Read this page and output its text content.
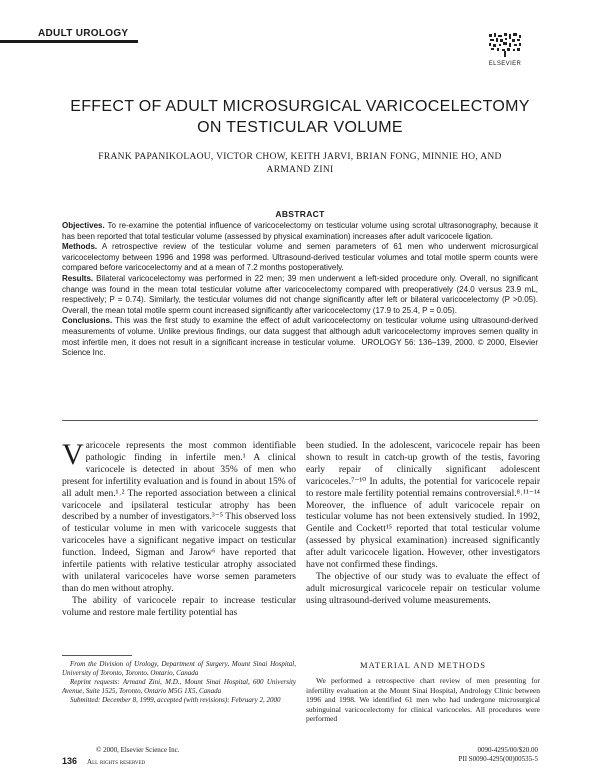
ADULT UROLOGY
ELSEVIER
EFFECT OF ADULT MICROSURGICAL VARICOCELECTOMY
ON TESTICULAR VOLUME
FRANK PAPANIKOLAOU, VICTOR CHOW, KEITH JARVI, BRIAN FONG, MINNIE HO, AND
ARMAND ZINI
ABSTRACT

Objectives. To re-examine the potential influence of varicocelectomy on testicular volume using scrotal ultrasonography, because it has been reported that total testicular volume (assessed by physical examination) increases after adult varicocele ligation.

Methods. A retrospective review of the testicular volume and semen parameters of 61 men who underwent microsurgical varicocelectomy between 1996 and 1998 was performed. Ultrasound-derived testicular volumes and total motile sperm counts were compared before varicocelectomy and at a mean of 7.2 months postoperatively.

Results. Bilateral varicocelectomy was performed in 22 men; 39 men underwent a left-sided procedure only. Overall, no significant change was found in the mean total testicular volume after varicocelectomy compared with preoperatively (24.0 versus 23.9 mL, respectively; P = 0.74). Similarly, the testicular volumes did not change significantly after left or bilateral varicocelectomy (P >0.05). Overall, the mean total motile sperm count increased significantly after varicocelectomy (17.9 to 25.4, P = 0.05).

Conclusions. This was the first study to examine the effect of adult varicocelectomy on testicular volume using ultrasound-derived measurements of volume. Unlike previous findings, our data suggest that although adult varicocelectomy improves semen quality in most infertile men, it does not result in a significant increase in testicular volume. UROLOGY 56: 136–139, 2000. © 2000, Elsevier Science Inc.

Varicocele represents the most common identifiable pathologic finding in infertile men.¹ A clinical varicocele is detected in about 35% of men who present for infertility evaluation and is found in about 15% of all adult men.¹˒² The reported association between a clinical varicocele and ipsilateral testicular atrophy has been described by a number of investigators.³⁻⁵ This observed loss of testicular volume in men with varicocele suggests that varicoceles have a significant negative impact on testicular function. Indeed, Sigman and Jarow⁶ have reported that infertile patients with relative testicular atrophy associated with unilateral varicoceles have worse semen parameters than do men without atrophy.

The ability of varicocele repair to increase testicular volume and restore male fertility potential has

been studied. In the adolescent, varicocele repair has been shown to result in catch-up growth of the testis, favoring early repair of clinically significant adolescent varicoceles.⁷⁻¹⁰ In adults, the potential for varicocele repair to restore male fertility potential remains controversial.⁸˒¹¹⁻¹⁴ Moreover, the influence of adult varicocele repair on testicular volume has not been extensively studied. In 1992, Gentile and Cockett¹⁵ reported that total testicular volume (assessed by physical examination) increased significantly after adult varicocele ligation. However, other investigators have not confirmed these findings.

The objective of our study was to evaluate the effect of adult microsurgical varicocele repair on testicular volume using ultrasound-derived volume measurements.

From the Division of Urology, Department of Surgery, Mount Sinai Hospital, University of Toronto, Toronto, Ontario, Canada

Reprint requests: Armand Zini, M.D., Mount Sinai Hospital, 600 University Avenue, Suite 1525, Toronto, Ontario M5G 1X5, Canada

Submitted: December 8, 1999, accepted (with revisions): February 2, 2000

MATERIAL AND METHODS
We performed a retrospective chart review of men presenting for infertility evaluation at the Mount Sinai Hospital, Andrology Clinic between 1996 and 1998. We identified 61 men who had undergone microsurgical subinguinal varicocelectomy for clinical varicoceles. All procedures were performed
© 2000, Elsevier Science Inc.
136 All rights reserved
0090-4295/00/$20.00
PII S0090-4295(00)00535-5
